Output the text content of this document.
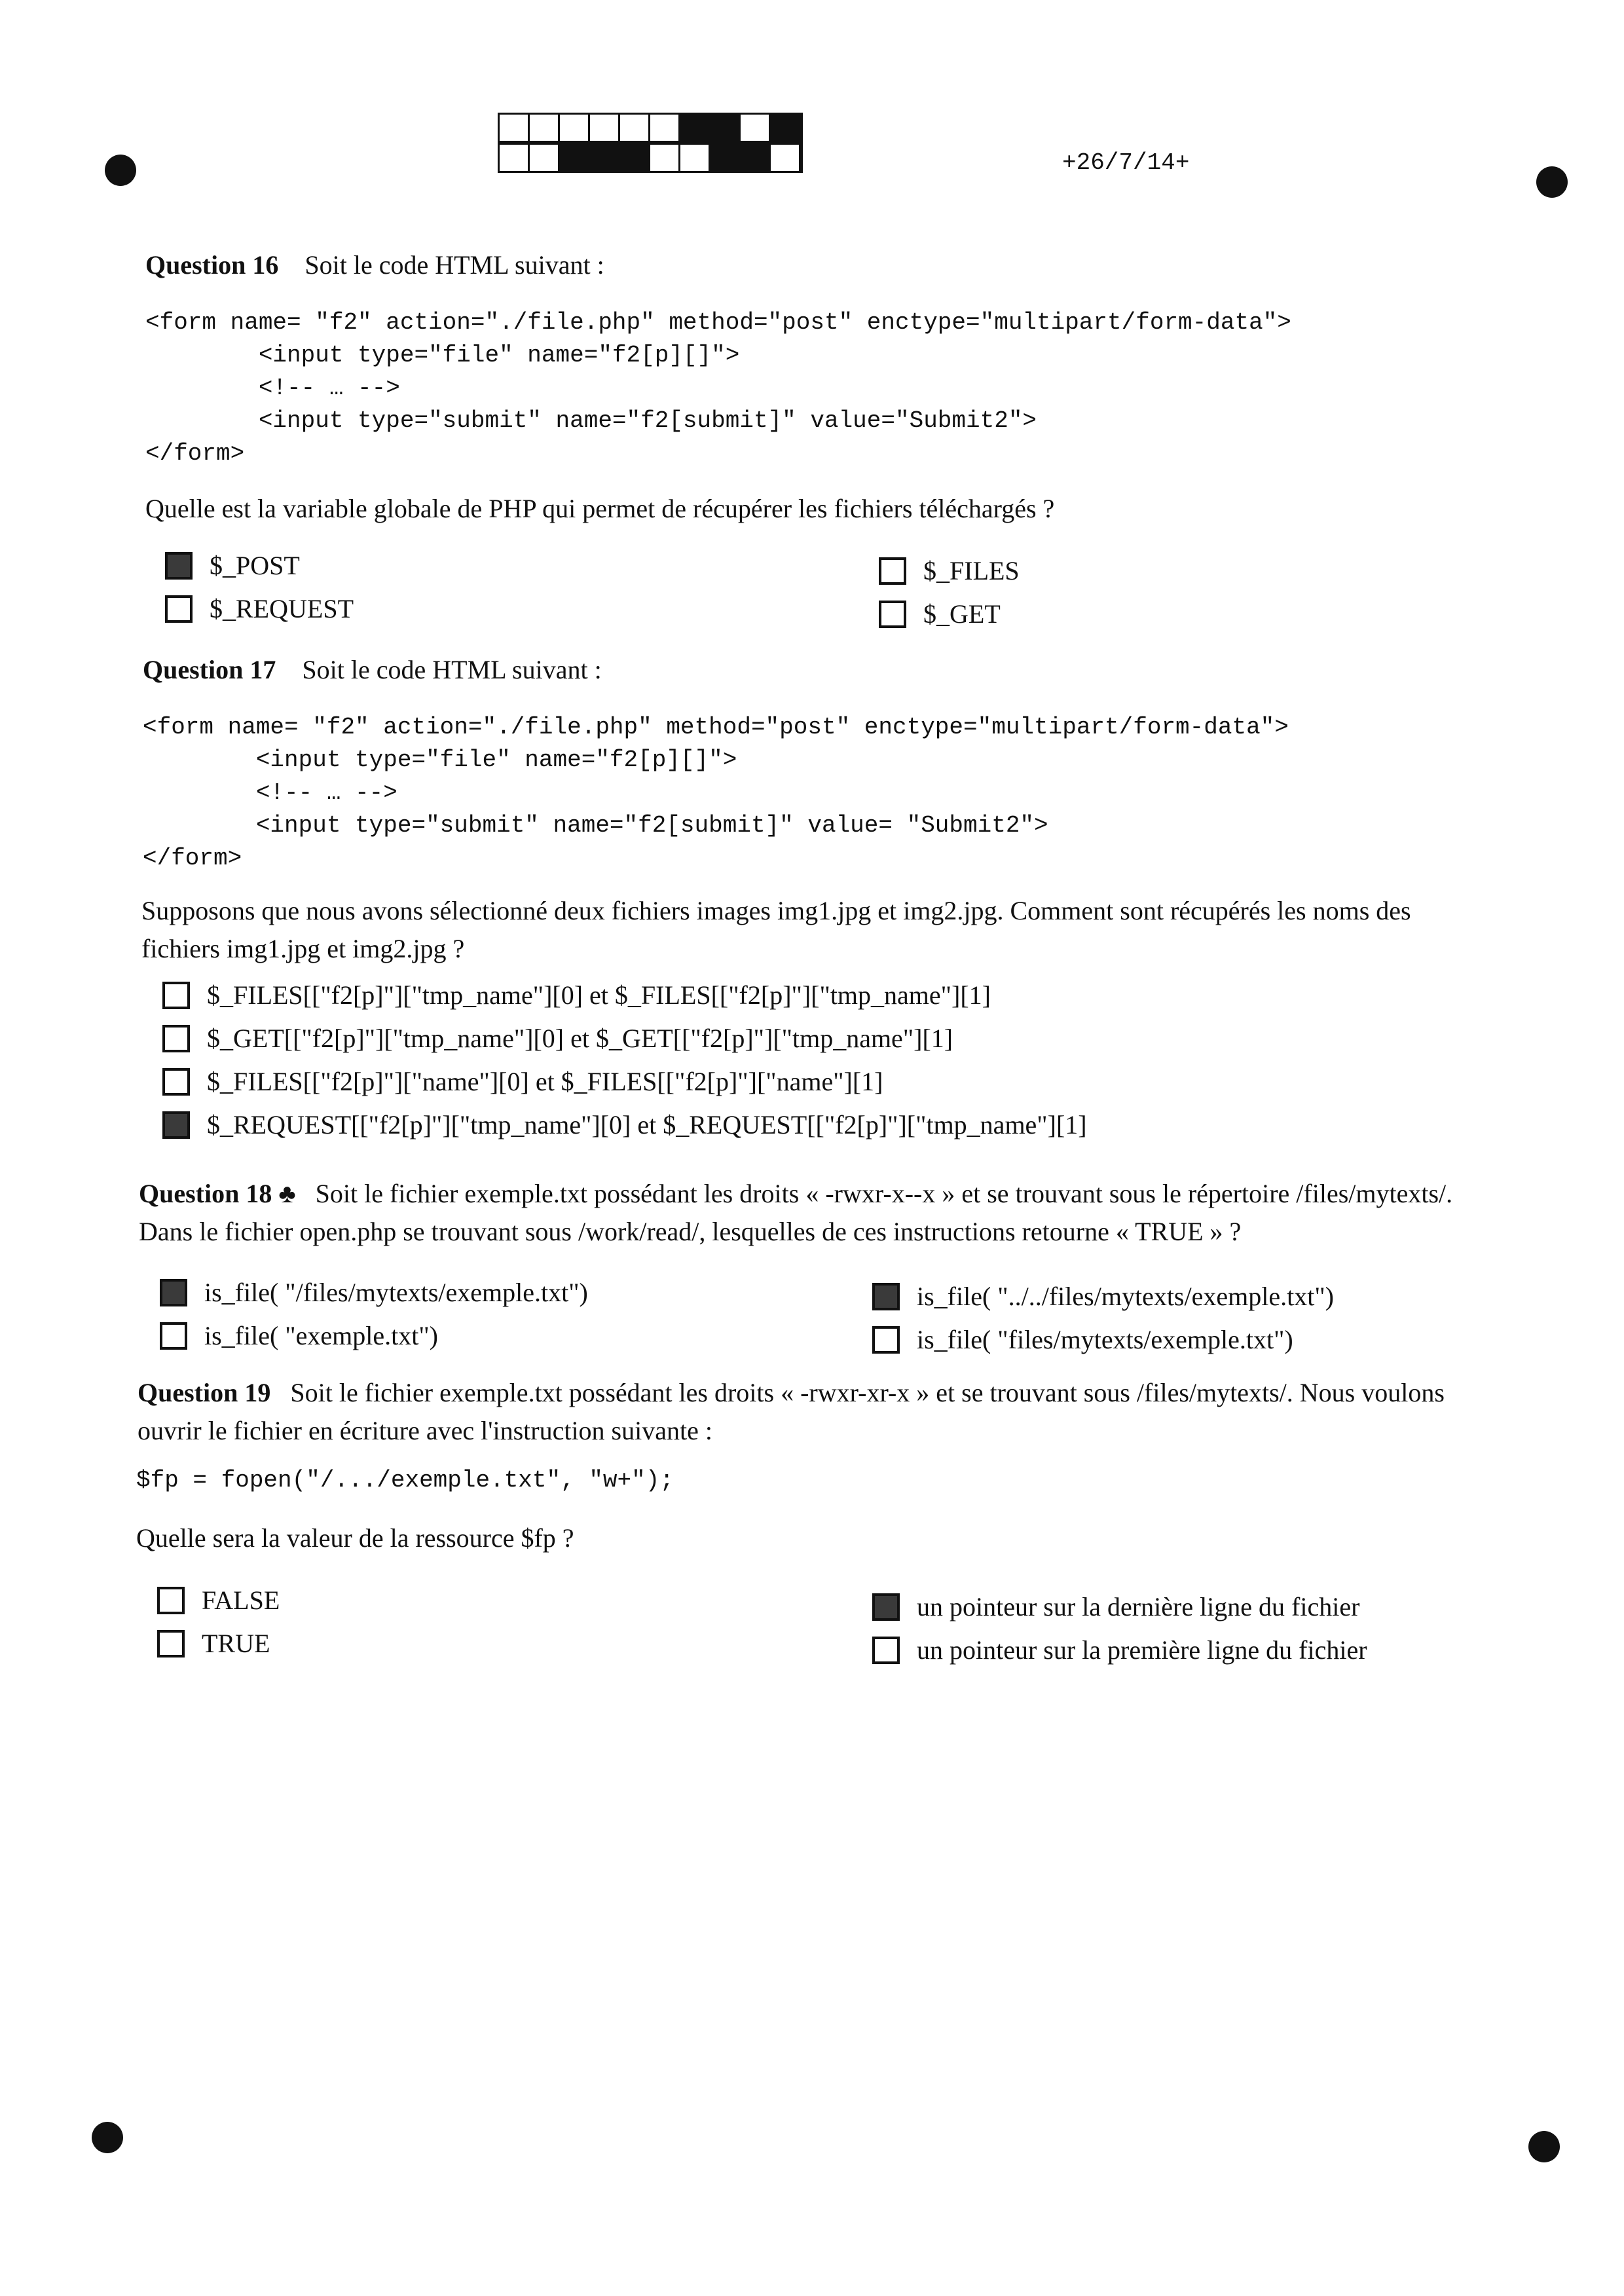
+26/7/14+
Question 16 Soit le code HTML suivant :
<form name= "f2" action="./file.php" method="post" enctype="multipart/form-data">
<input type="file" name="f2[p][]">
<!-- … -->
<input type="submit" name="f2[submit]" value="Submit2">
</form>
Quelle est la variable globale de PHP qui permet de récupérer les fichiers téléchargés ?
$_POST
$_REQUEST
$_FILES
$_GET
Question 17 Soit le code HTML suivant :
<form name= "f2" action="./file.php" method="post" enctype="multipart/form-data">
<input type="file" name="f2[p][]">
<!-- … -->
<input type="submit" name="f2[submit]" value= "Submit2">
</form>
Supposons que nous avons sélectionné deux fichiers images img1.jpg et img2.jpg. Comment sont récupérés les noms des
fichiers img1.jpg et img2.jpg ?
$_FILES[["f2[p]"]["tmp_name"][0] et $_FILES[["f2[p]"]["tmp_name"][1]
$_GET[["f2[p]"]["tmp_name"][0] et $_GET[["f2[p]"]["tmp_name"][1]
$_FILES[["f2[p]"]["name"][0] et $_FILES[["f2[p]"]["name"][1]
$_REQUEST[["f2[p]"]["tmp_name"][0] et $_REQUEST[["f2[p]"]["tmp_name"][1]
Question 18 ♣ Soit le fichier exemple.txt possédant les droits « -rwxr-x--x » et se trouvant sous le répertoire /files/mytexts/.
Dans le fichier open.php se trouvant sous /work/read/, lesquelles de ces instructions retourne « TRUE » ?
is_file( "/files/mytexts/exemple.txt")
is_file( "exemple.txt")
is_file( "../../files/mytexts/exemple.txt")
is_file( "files/mytexts/exemple.txt")
Question 19 Soit le fichier exemple.txt possédant les droits « -rwxr-xr-x » et se trouvant sous /files/mytexts/. Nous voulons
ouvrir le fichier en écriture avec l'instruction suivante :
$fp = fopen("/.../exemple.txt", "w+");
Quelle sera la valeur de la ressource $fp ?
FALSE
TRUE
un pointeur sur la dernière ligne du fichier
un pointeur sur la première ligne du fichier
